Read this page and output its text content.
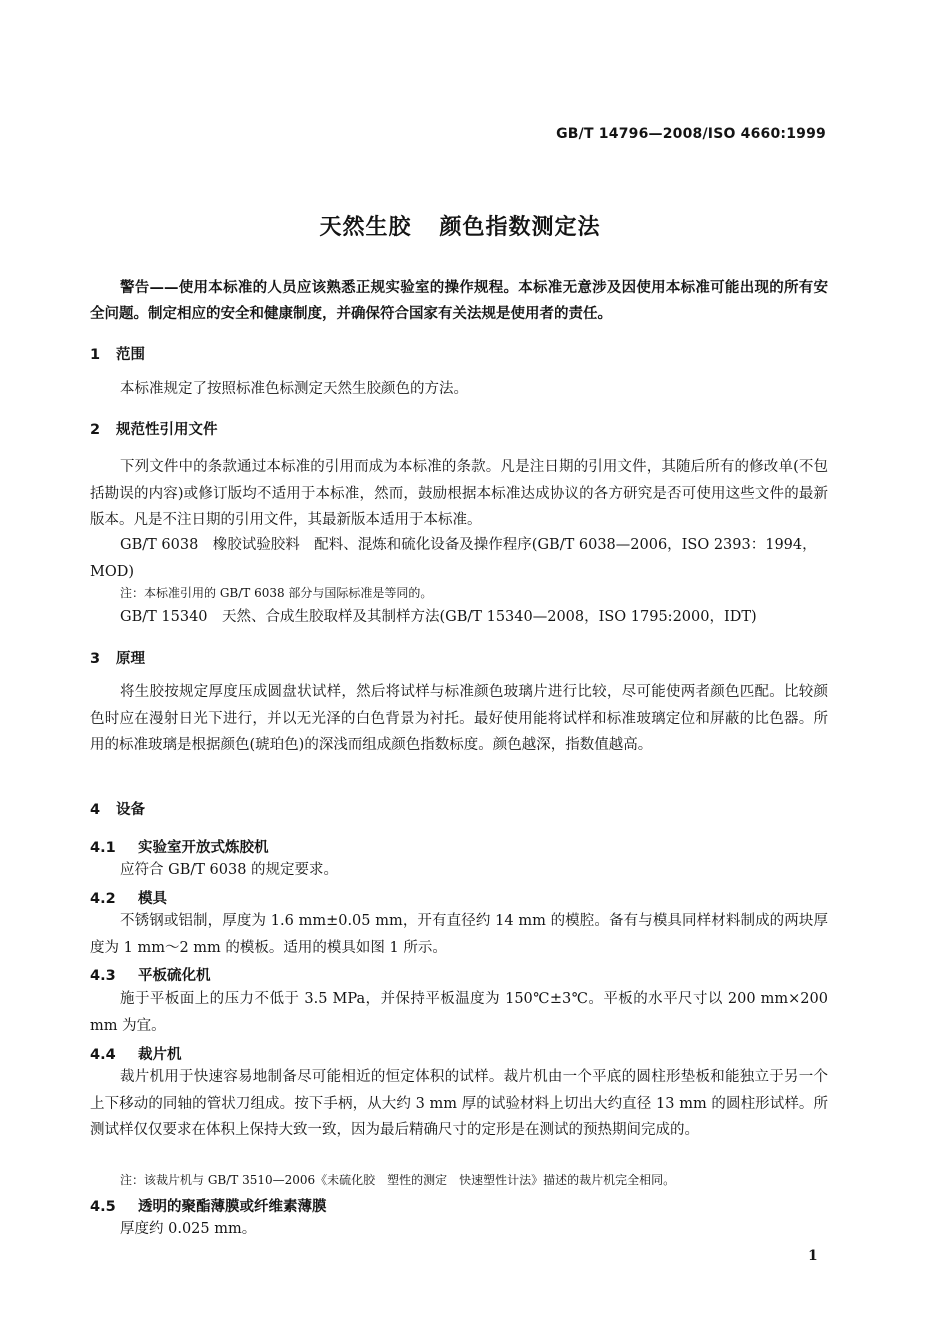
GB/T 14796—2008/ISO 4660:1999
天然生胶 颜色指数测定法
警告——使用本标准的人员应该熟悉正规实验室的操作规程。本标准无意涉及因使用本标准可能出现的所有安全问题。制定相应的安全和健康制度，并确保符合国家有关法规是使用者的责任。
1 范围
本标准规定了按照标准色标测定天然生胶颜色的方法。
2 规范性引用文件
下列文件中的条款通过本标准的引用而成为本标准的条款。凡是注日期的引用文件，其随后所有的修改单(不包括勘误的内容)或修订版均不适用于本标准，然而，鼓励根据本标准达成协议的各方研究是否可使用这些文件的最新版本。凡是不注日期的引用文件，其最新版本适用于本标准。
GB/T 6038　橡胶试验胶料　配料、混炼和硫化设备及操作程序(GB/T 6038—2006，ISO 2393：1994，MOD)
注：本标准引用的 GB/T 6038 部分与国际标准是等同的。
GB/T 15340　天然、合成生胶取样及其制样方法(GB/T 15340—2008，ISO 1795:2000，IDT)
3 原理
将生胶按规定厚度压成圆盘状试样，然后将试样与标准颜色玻璃片进行比较，尽可能使两者颜色匹配。比较颜色时应在漫射日光下进行，并以无光泽的白色背景为衬托。最好使用能将试样和标准玻璃定位和屏蔽的比色器。所用的标准玻璃是根据颜色(琥珀色)的深浅而组成颜色指数标度。颜色越深，指数值越高。
4 设备
4.1 实验室开放式炼胶机
应符合 GB/T 6038 的规定要求。
4.2 模具
不锈钢或铝制，厚度为 1.6 mm±0.05 mm，开有直径约 14 mm 的模腔。备有与模具同样材料制成的两块厚度为 1 mm～2 mm 的模板。适用的模具如图 1 所示。
4.3 平板硫化机
施于平板面上的压力不低于 3.5 MPa，并保持平板温度为 150℃±3℃。平板的水平尺寸以 200 mm×200 mm 为宜。
4.4 裁片机
裁片机用于快速容易地制备尽可能相近的恒定体积的试样。裁片机由一个平底的圆柱形垫板和能独立于另一个上下移动的同轴的管状刀组成。按下手柄，从大约 3 mm 厚的试验材料上切出大约直径 13 mm 的圆柱形试样。所测试样仅仅要求在体积上保持大致一致，因为最后精确尺寸的定形是在测试的预热期间完成的。
注：该裁片机与 GB/T 3510—2006《未硫化胶　塑性的测定　快速塑性计法》描述的裁片机完全相同。
4.5 透明的聚酯薄膜或纤维素薄膜
厚度约 0.025 mm。
1
